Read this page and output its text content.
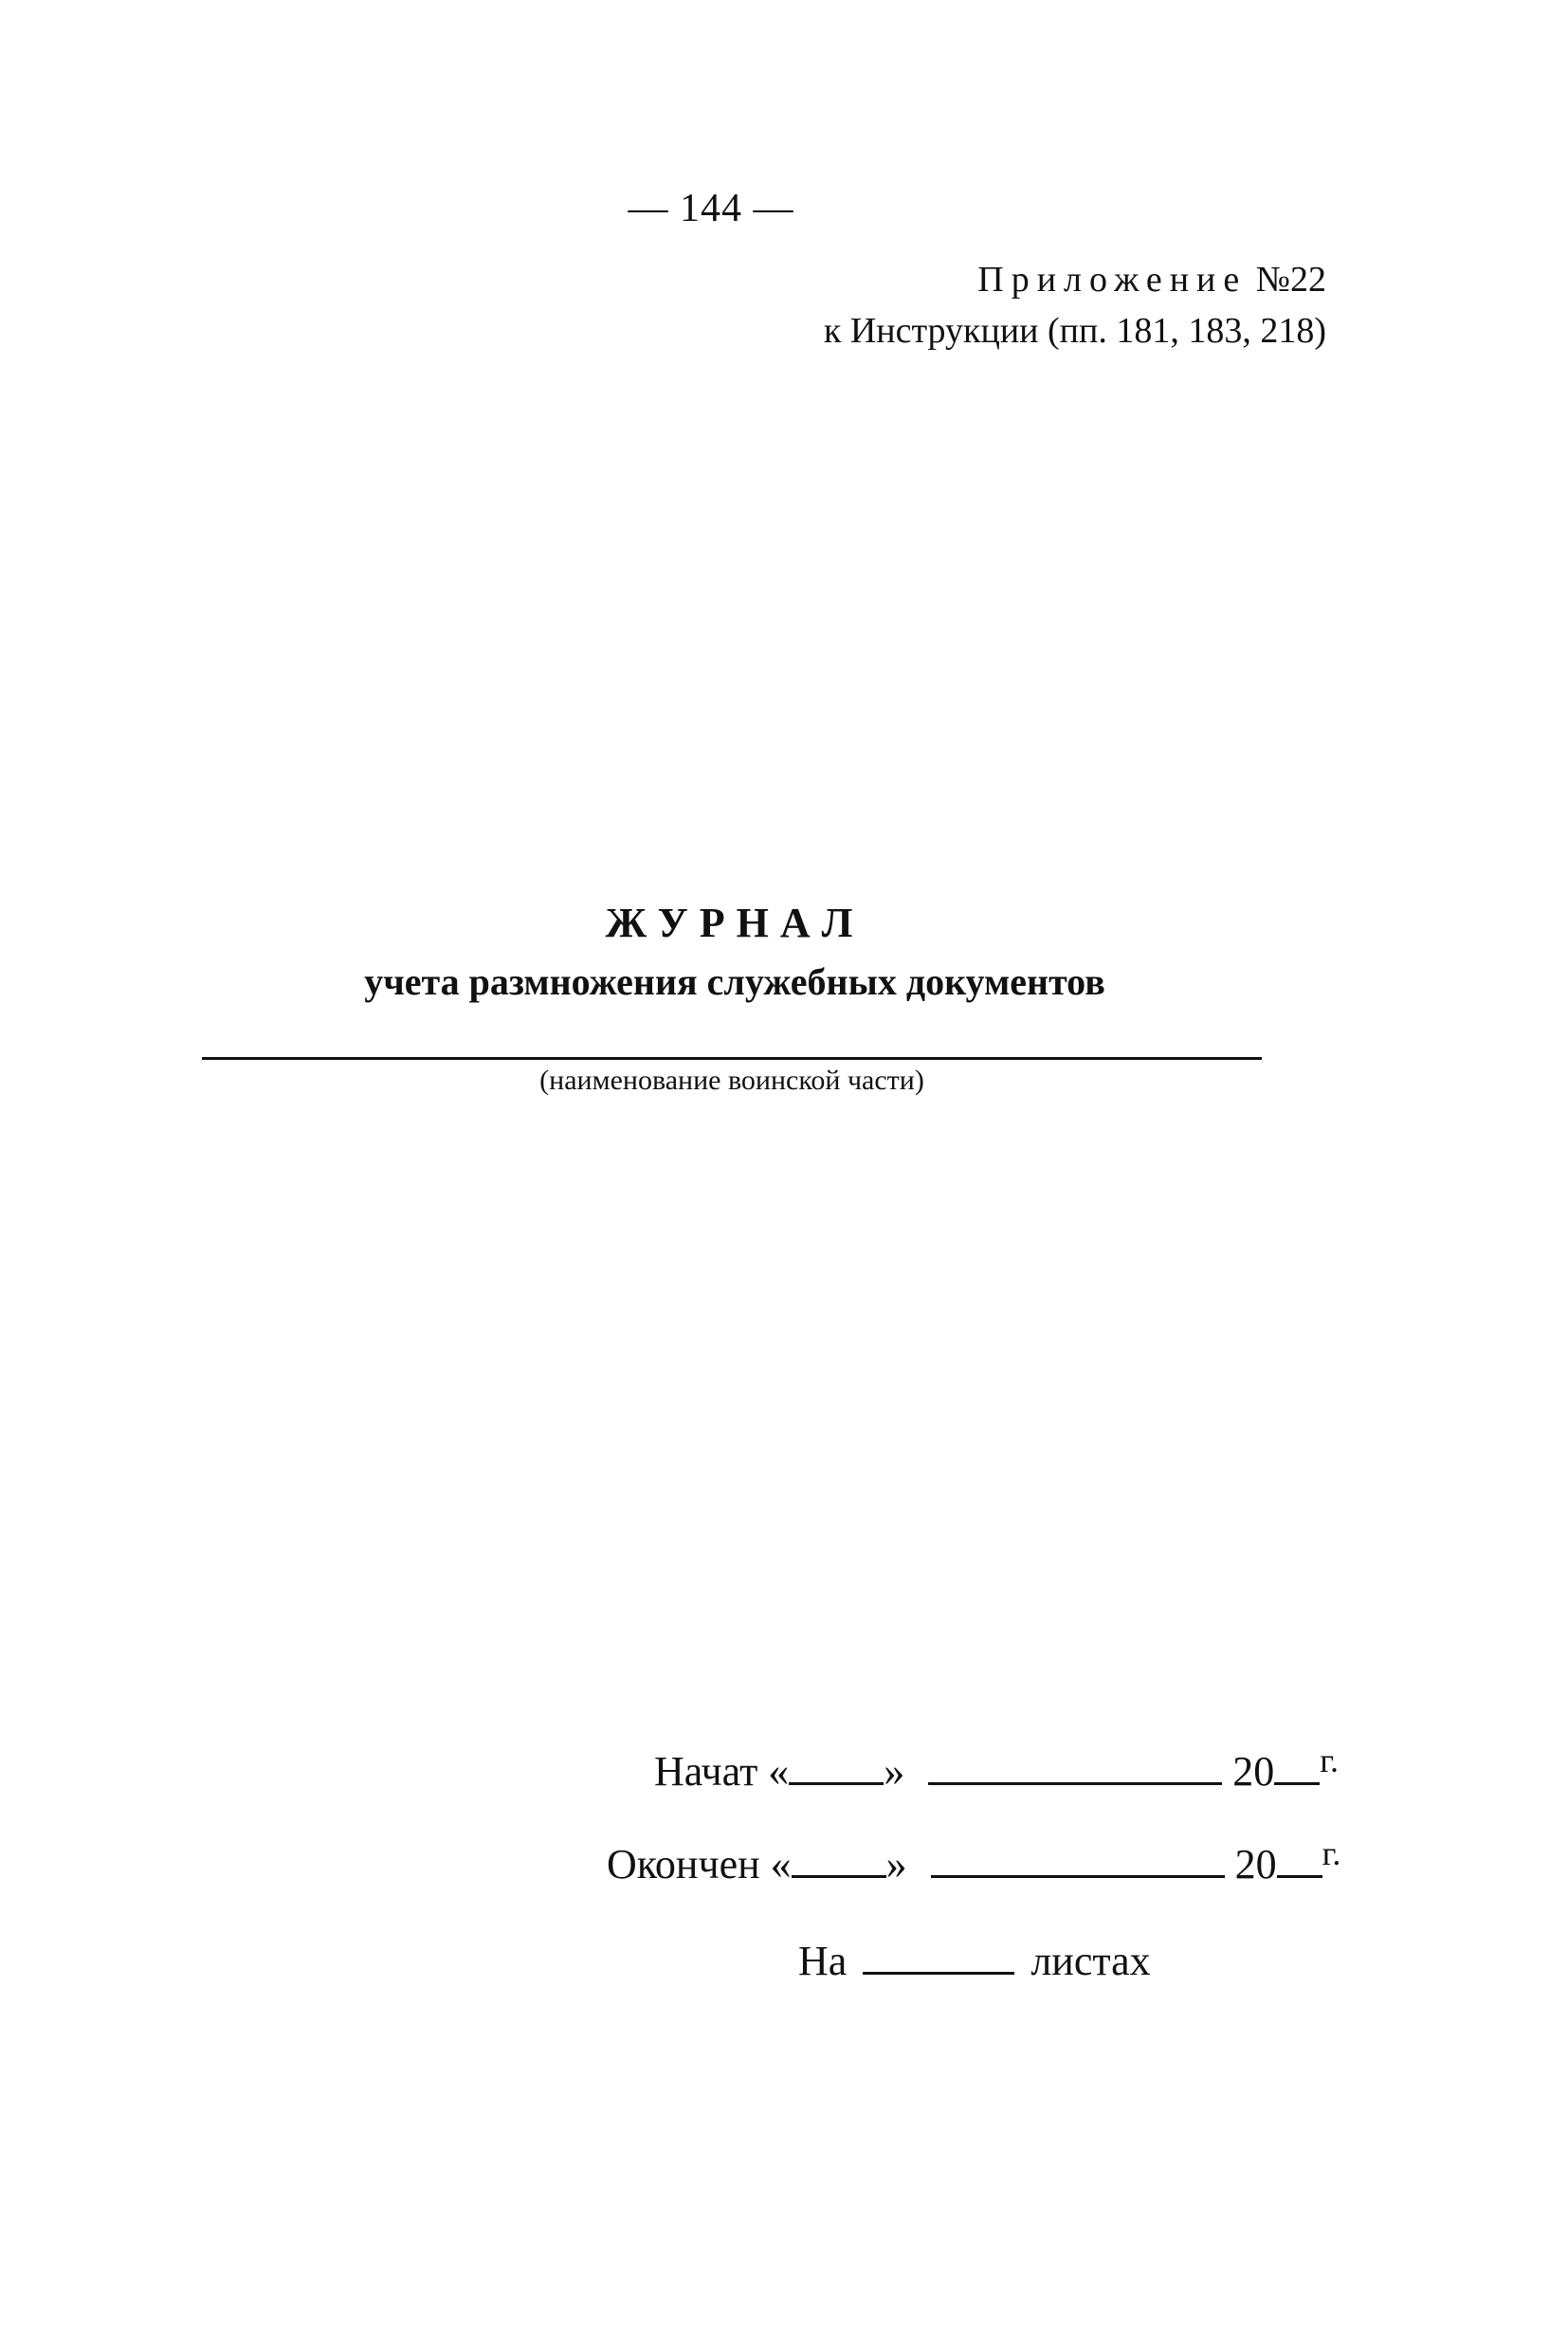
— 144 —
Приложение №22
к Инструкции (пп. 181, 183, 218)
ЖУРНАЛ
учета размножения служебных документов
(наименование воинской части)
Начат « »	20 $^{г.}$
Окончен « »	20 $^{г.}$
На	листах
